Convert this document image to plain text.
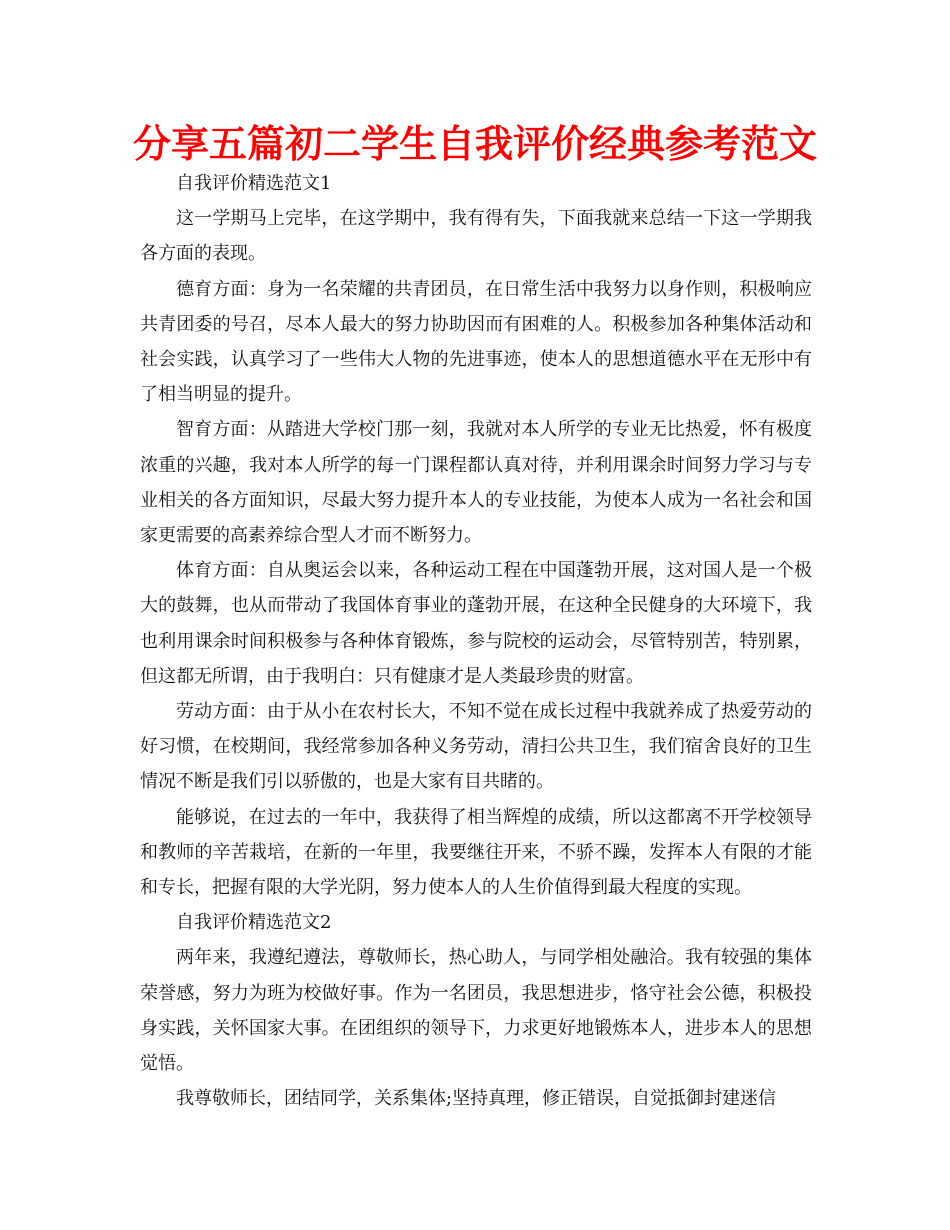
分享五篇初二学生自我评价经典参考范文

自我评价精选范文1

这一学期马上完毕，在这学期中，我有得有失，下面我就来总结一下这一学期我各方面的表现。

德育方面：身为一名荣耀的共青团员，在日常生活中我努力以身作则，积极响应共青团委的号召，尽本人最大的努力协助因而有困难的人。积极参加各种集体活动和社会实践，认真学习了一些伟大人物的先进事迹，使本人的思想道德水平在无形中有了相当明显的提升。

智育方面：从踏进大学校门那一刻，我就对本人所学的专业无比热爱，怀有极度浓重的兴趣，我对本人所学的每一门课程都认真对待，并利用课余时间努力学习与专业相关的各方面知识，尽最大努力提升本人的专业技能，为使本人成为一名社会和国家更需要的高素养综合型人才而不断努力。

体育方面：自从奥运会以来，各种运动工程在中国蓬勃开展，这对国人是一个极大的鼓舞，也从而带动了我国体育事业的蓬勃开展，在这种全民健身的大环境下，我也利用课余时间积极参与各种体育锻炼，参与院校的运动会，尽管特别苦，特别累，但这都无所谓，由于我明白：只有健康才是人类最珍贵的财富。

劳动方面：由于从小在农村长大，不知不觉在成长过程中我就养成了热爱劳动的好习惯，在校期间，我经常参加各种义务劳动，清扫公共卫生，我们宿舍良好的卫生情况不断是我们引以骄傲的，也是大家有目共睹的。

能够说，在过去的一年中，我获得了相当辉煌的成绩，所以这都离不开学校领导和教师的辛苦栽培，在新的一年里，我要继往开来，不骄不躁，发挥本人有限的才能和专长，把握有限的大学光阴，努力使本人的人生价值得到最大程度的实现。

自我评价精选范文2

两年来，我遵纪遵法，尊敬师长，热心助人，与同学相处融洽。我有较强的集体荣誉感，努力为班为校做好事。作为一名团员，我思想进步，恪守社会公德，积极投身实践，关怀国家大事。在团组织的领导下，力求更好地锻炼本人，进步本人的思想觉悟。

我尊敬师长，团结同学，关系集体;坚持真理，修正错误，自觉抵御封建迷信
